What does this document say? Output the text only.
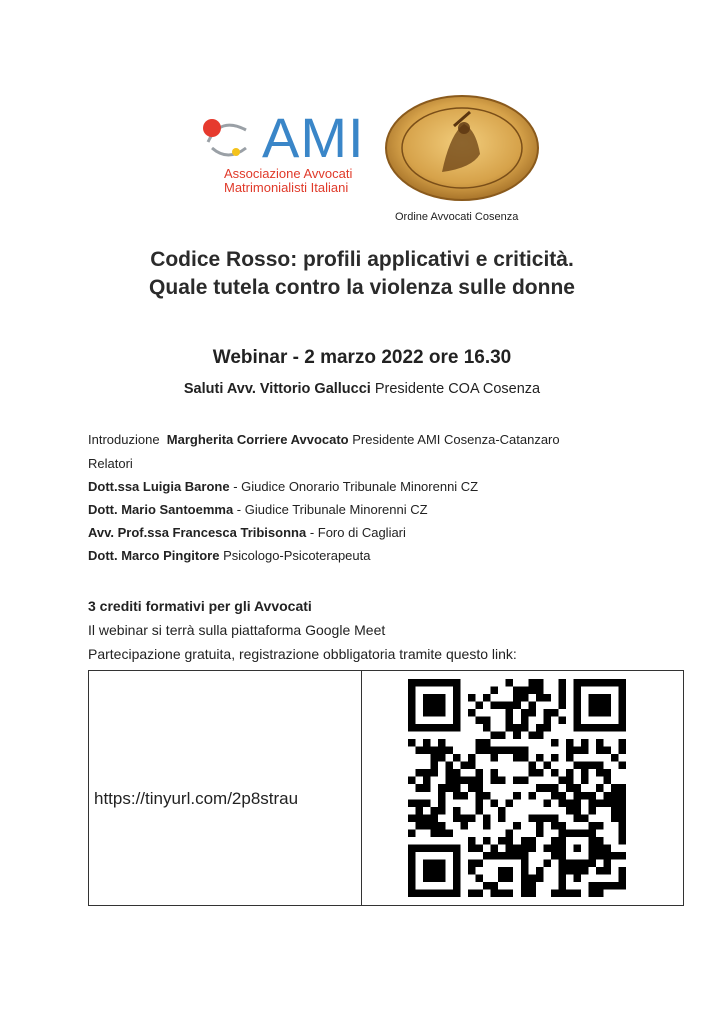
AMI
Associazione Avvocati
Matrimonialisti Italiani
Ordine Avvocati Cosenza
Codice Rosso: profili applicativi e criticità.
Quale tutela contro la violenza sulle donne
Webinar - 2 marzo 2022 ore 16.30
Saluti Avv. Vittorio Gallucci Presidente COA Cosenza
Introduzione Margherita Corriere Avvocato Presidente AMI Cosenza-Catanzaro
Relatori
Dott.ssa Luigia Barone - Giudice Onorario Tribunale Minorenni CZ
Dott. Mario Santoemma - Giudice Tribunale Minorenni CZ
Avv. Prof.ssa Francesca Tribisonna - Foro di Cagliari
Dott. Marco Pingitore Psicologo-Psicoterapeuta
3 crediti formativi per gli Avvocati
Il webinar si terrà sulla piattaforma Google Meet
Partecipazione gratuita, registrazione obbligatoria tramite questo link:
https://tinyurl.com/2p8strau
